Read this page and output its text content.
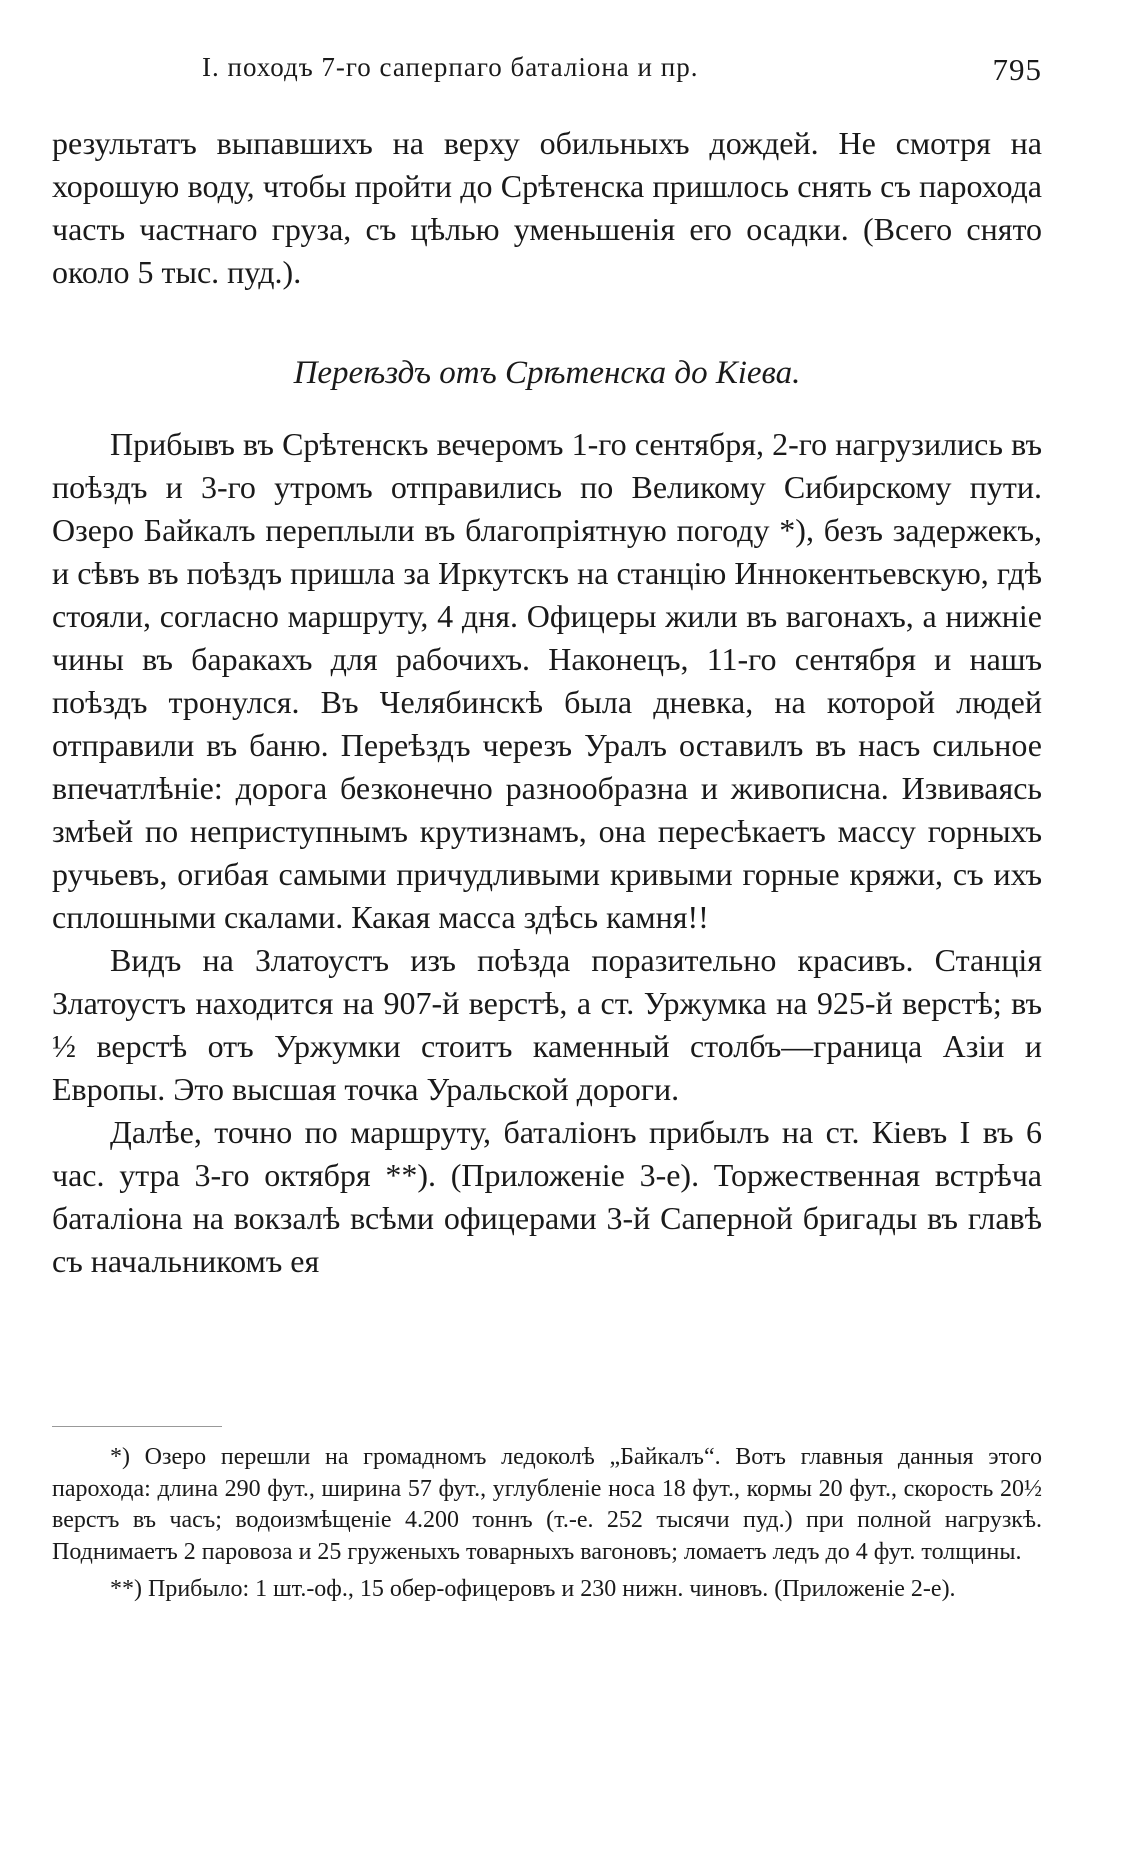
I. походъ 7-го саперпаго баталіона и пр.	795

результатъ выпавшихъ на верху обильныхъ дождей. Не смотря на хорошую воду, чтобы пройти до Срѣтенска пришлось снять съ парохода часть частнаго груза, съ цѣлью уменьшенія его осадки. (Всего снято около 5 тыс. пуд.).

Переѣздъ отъ Срѣтенска до Кіева.

Прибывъ въ Срѣтенскъ вечеромъ 1-го сентября, 2-го нагрузились въ поѣздъ и 3-го утромъ отправились по Великому Сибирскому пути. Озеро Байкалъ переплыли въ благопріятную погоду *), безъ задержекъ, и сѣвъ въ поѣздъ пришла за Иркутскъ на станцію Иннокентьевскую, гдѣ стояли, согласно маршруту, 4 дня. Офицеры жили въ вагонахъ, а нижніе чины въ баракахъ для рабочихъ. Наконецъ, 11-го сентября и нашъ поѣздъ тронулся. Въ Челябинскѣ была дневка, на которой людей отправили въ баню. Переѣздъ черезъ Уралъ оставилъ въ насъ сильное впечатлѣніе: дорога безконечно разнообразна и живописна. Извиваясь змѣей по неприступнымъ крутизнамъ, она пересѣкаетъ массу горныхъ ручьевъ, огибая самыми причудливыми кривыми горные кряжи, съ ихъ сплошными скалами. Какая масса здѣсь камня!!

Видъ на Златоустъ изъ поѣзда поразительно красивъ. Станція Златоустъ находится на 907-й верстѣ, а ст. Уржумка на 925-й верстѣ; въ ½ верстѣ отъ Уржумки стоитъ каменный столбъ—граница Азіи и Европы. Это высшая точка Уральской дороги.

Далѣе, точно по маршруту, баталіонъ прибылъ на ст. Кіевъ I въ 6 час. утра 3-го октября **). (Приложеніе 3-е). Торжественная встрѣча баталіона на вокзалѣ всѣми офицерами 3-й Саперной бригады въ главѣ съ начальникомъ ея

*) Озеро перешли на громадномъ ледоколѣ „Байкалъ“. Вотъ главныя данныя этого парохода: длина 290 фут., ширина 57 фут., углубленіе носа 18 фут., кормы 20 фут., скорость 20½ верстъ въ часъ; водоизмѣщеніе 4.200 тоннъ (т.-е. 252 тысячи пуд.) при полной нагрузкѣ. Поднимаетъ 2 паровоза и 25 груженыхъ товарныхъ вагоновъ; ломаетъ ледъ до 4 фут. толщины.

**) Прибыло: 1 шт.-оф., 15 обер-офицеровъ и 230 нижн. чиновъ. (Приложеніе 2-е).
